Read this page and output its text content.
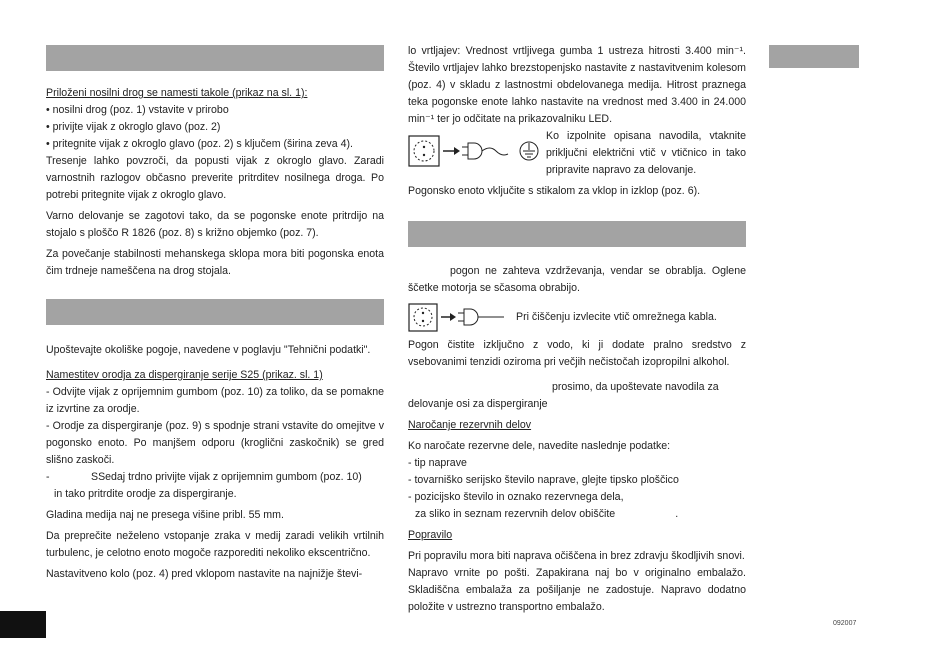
Priloženi nosilni drog se namesti takole (prikaz na sl. 1):

• nosilni drog (poz. 1) vstavite v prirobo

• privijte vijak z okroglo glavo (poz. 2)

• pritegnite vijak z okroglo glavo (poz. 2) s ključem (širina zeva 4).

Tresenje lahko povzroči, da popusti vijak z okroglo glavo. Zaradi varnostnih razlogov občasno preverite pritrditev nosilnega droga. Po potrebi pritegnite vijak z okroglo glavo.

Varno delovanje se zagotovi tako, da se pogonske enote pritrdijo na stojalo s ploščo R 1826 (poz. 8) s križno objemko (poz. 7).

Za povečanje stabilnosti mehanskega sklopa mora biti pogonska enota čim trdneje nameščena na drog stojala.

Upoštevajte okoliške pogoje, navedene v poglavju "Tehnični podatki".

Namestitev orodja za dispergiranje serije S25 (prikaz. sl. 1)

- Odvijte vijak z oprijemnim gumbom (poz. 10) za toliko, da se pomakne iz izvrtine za orodje.

- Orodje za dispergiranje (poz. 9) s spodnje strani vstavite do omejitve v pogonsko enoto. Po manjšem odporu (kroglični zaskočnik) se gred slišno zaskoči.

-	SSedaj trdno privijte vijak z oprijemnim gumbom (poz. 10)

in tako pritrdite orodje za dispergiranje.

Gladina medija naj ne presega višine pribl. 55 mm.

Da preprečite neželeno vstopanje zraka v medij zaradi velikih vrtilnih turbulenc, je celotno enoto mogoče razporediti nekoliko ekscentrično.

Nastavitveno kolo (poz. 4) pred vklopom nastavite na najnižje števi-

lo vrtljajev: Vrednost vrtljivega gumba 1 ustreza hitrosti 3.400 min⁻¹. Število vrtljajev lahko brezstopenjsko nastavite z nastavitvenim kolesom (poz. 4) v skladu z lastnostmi obdelovanega medija. Hitrost praznega teka pogonske enote lahko nastavite na vrednost med 3.400 in 24.000 min⁻¹ ter jo odčitate na prikazovalniku LED.

Ko izpolnite opisana navodila, vtaknite priključni električni vtič v vtičnico in tako pripravite napravo za delovanje.

Pogonsko enoto vključite s stikalom za vklop in izklop (poz. 6).

pogon ne zahteva vzdrževanja, vendar se obrablja. Oglene ščetke motorja se sčasoma obrabijo.

Pri čiščenju izvlecite vtič omrežnega kabla.

Pogon čistite izključno z vodo, ki ji dodate pralno sredstvo z vsebovanimi tenzidi oziroma pri večjih nečistočah izopropilni alkohol.

prosimo, da upoštevate navodila za

delovanje osi za dispergiranje

Naročanje rezervnih delov

Ko naročate rezervne dele, navedite naslednje podatke:

- tip naprave

- tovarniško serijsko število naprave, glejte tipsko ploščico

- pozicijsko število in oznako rezervnega dela,

za sliko in seznam rezervnih delov obiščite	.

Popravilo

Pri popravilu mora biti naprava očiščena in brez zdravju škodljivih snovi.

Napravo vrnite po pošti. Zapakirana naj bo v originalno embalažo. Skladiščna embalaža za pošiljanje ne zadostuje. Napravo dodatno položite v ustrezno transportno embalažo.

092007
